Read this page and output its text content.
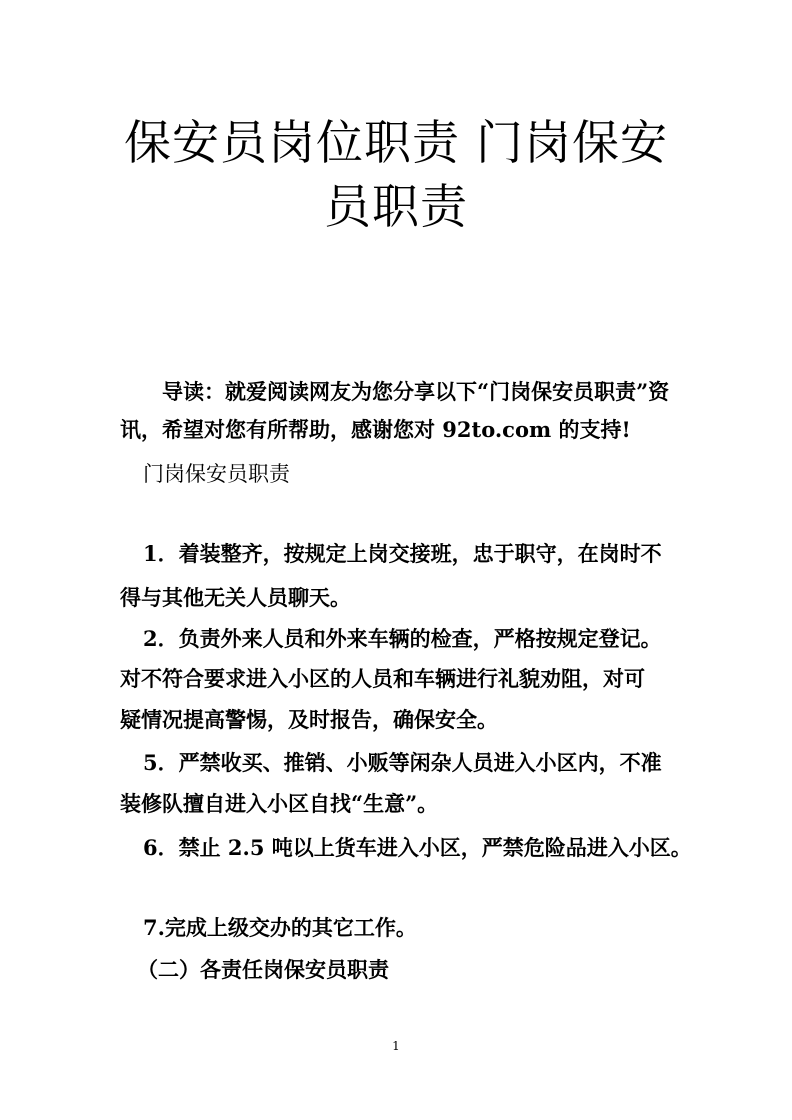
保安员岗位职责 门岗保安
员职责
导读：就爱阅读网友为您分享以下“门岗保安员职责”资
讯，希望对您有所帮助，感谢您对 92to.com 的支持!
门岗保安员职责
1．着装整齐，按规定上岗交接班，忠于职守，在岗时不
得与其他无关人员聊天。
2．负责外来人员和外来车辆的检查，严格按规定登记。
对不符合要求进入小区的人员和车辆进行礼貌劝阻，对可
疑情况提高警惕，及时报告，确保安全。
5．严禁收买、推销、小贩等闲杂人员进入小区内，不准
装修队擅自进入小区自找“生意”。
6．禁止 2.5 吨以上货车进入小区，严禁危险品进入小区。
7.完成上级交办的其它工作。
（二）各责任岗保安员职责
1
